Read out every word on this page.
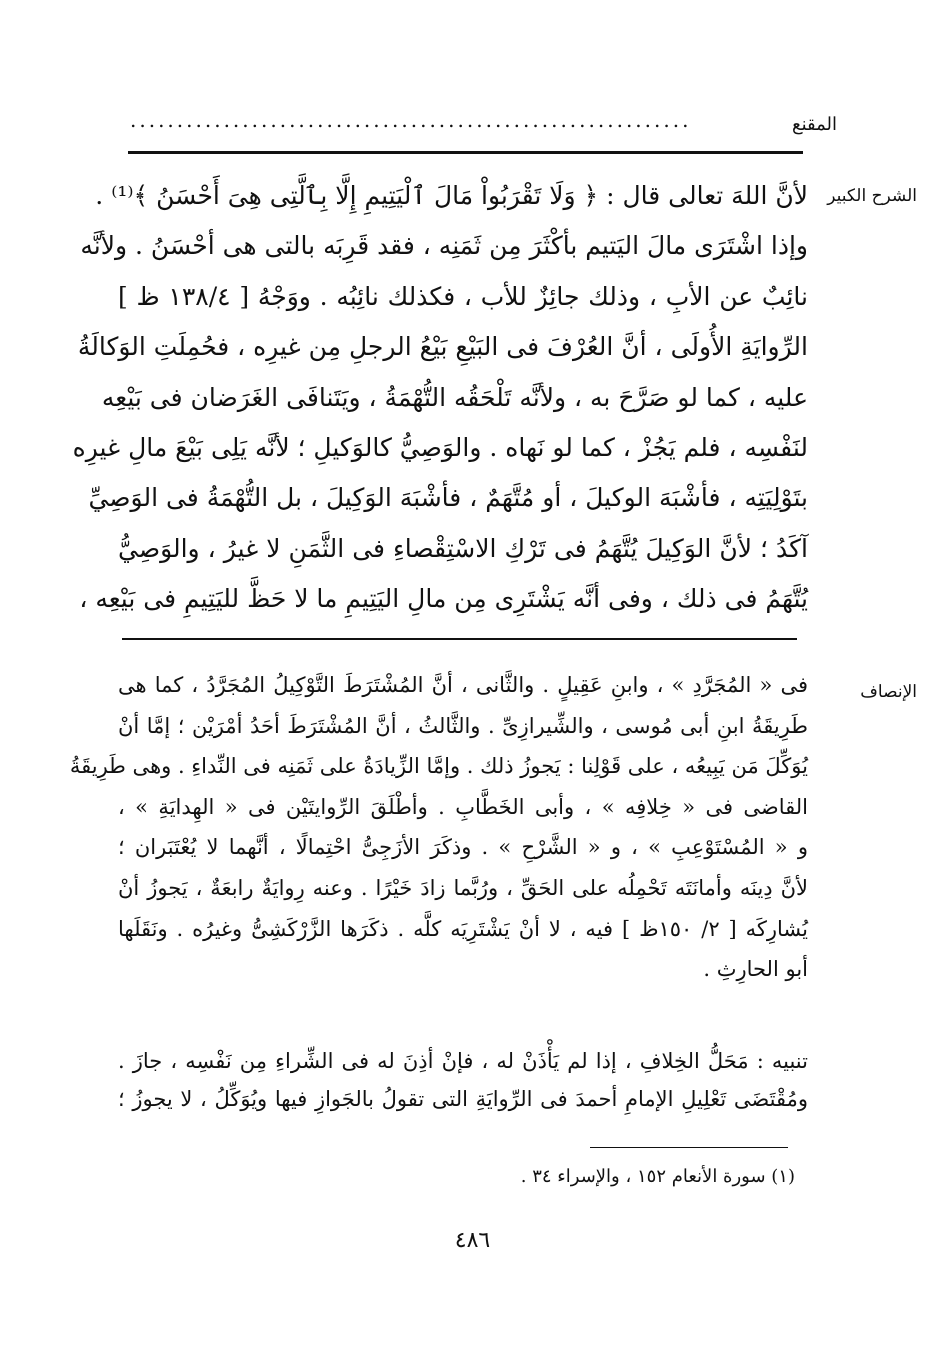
المقنع
............................................................
الشرح الكبير
لأنَّ اللهَ تعالى قال : ﴿ وَلَا تَقْرَبُواْ مَالَ ٱلْيَتِيمِ إِلَّا بِٱلَّتِى هِىَ أَحْسَنُ ﴾⁽¹⁾ .
وإذا اشْتَرَى مالَ اليَتيم بأكْثَرَ مِن ثَمَنِه ، فقد قَرِبَه بالتى هى أحْسَنُ . ولأنَّه
نائِبٌ عن الأبِ ، وذلك جائِزٌ للأب ، فكذلك نائِبُه . ووَجْهُ [ ١٣٨/٤ ظ ]
الرِّوايَةِ الأُولَى ، أنَّ العُرْفَ فى البَيْعِ بَيْعُ الرجلِ مِن غيرِه ، فحُمِلَتِ الوَكالَةُ
عليه ، كما لو صَرَّحَ به ، ولأنَّه تَلْحَقُه التُّهْمَةُ ، ويَتَنافَى الغَرَضان فى بَيْعِه
لنَفْسِه ، فلم يَجُزْ ، كما لو نَهاه . والوَصِيُّ كالوَكيلِ ؛ لأنَّه يَلِى بَيْعَ مالِ غيرِه
بتَوْلِيَتِه ، فأشْبَهَ الوكيلَ ، أو مُتَّهَمٌ ، فأشْبَهَ الوَكِيلَ ، بل التُّهْمَةُ فى الوَصِيِّ
آكَدُ ؛ لأنَّ الوَكِيلَ يُتَّهَمُ فى تَرْكِ الاسْتِقْصاءِ فى الثَّمَنِ لا غيرُ ، والوَصِيُّ
يُتَّهَمُ فى ذلك ، وفى أنَّه يَشْتَرِى مِن مالِ اليَتِيمِ ما لا حَظَّ لليَتِيمِ فى بَيْعِه ،
الإنصاف
فى « المُجَرَّدِ » ، وابنِ عَقِيلٍ . والثَّانى ، أنَّ المُشْتَرَطَ التَّوْكِيلُ المُجَرَّدُ ، كما هى
طَرِيقَةُ ابنِ أبى مُوسى ، والشِّيرازِىِّ . والثَّالثُ ، أنَّ المُشْتَرَطَ أحَدُ أمْرَيْن ؛ إمَّا أنْ
يُوَكِّلَ مَن يَبِيعُه ، على قَوْلِنا : يَجوزُ ذلك . وإمَّا الزِّيادَةُ على ثَمَنِه فى النِّداءِ . وهى طَرِيقَةُ
القاضى فى « خِلافِه » ، وأبى الخَطَّابِ . وأطْلَقَ الرِّوايتَيْن فى « الهِدايَةِ » ،
و « المُسْتَوْعِبِ » ، و « الشَّرْحِ » . وذكَرَ الأزَجِىُّ احْتِمالًا ، أنَّهما لا يُعْتَبَران ؛
لأنَّ دِينَه وأمانَتَه تَحْمِلُه على الحَقِّ ، ورُبَّما زادَ خَيْرًا . وعنه رِوايَةٌ رابعَةٌ ، يَجوزُ أنْ
يُشارِكَه [ ٢/ ١٥٠ظ ] فيه ، لا أنْ يَشْتَرِيَه كلَّه . ذكَرَها الزَّرْكَشِىُّ وغيرُه . ونَقَلَها
أبو الحارِثِ .
تنبيه : مَحَلُّ الخِلافِ ، إذا لم يَأْذَنْ له ، فإنْ أذِنَ له فى الشِّراءِ مِن نَفْسِه ، جازَ .
ومُقْتَضَى تَعْلِيلِ الإمامِ أحمدَ فى الرِّوايَةِ التى تقولُ بالجَوازِ فيها ويُوَكِّلُ ، لا يجوزُ ؛
(١) سورة الأنعام ١٥٢ ، والإسراء ٣٤ .
٤٨٦
